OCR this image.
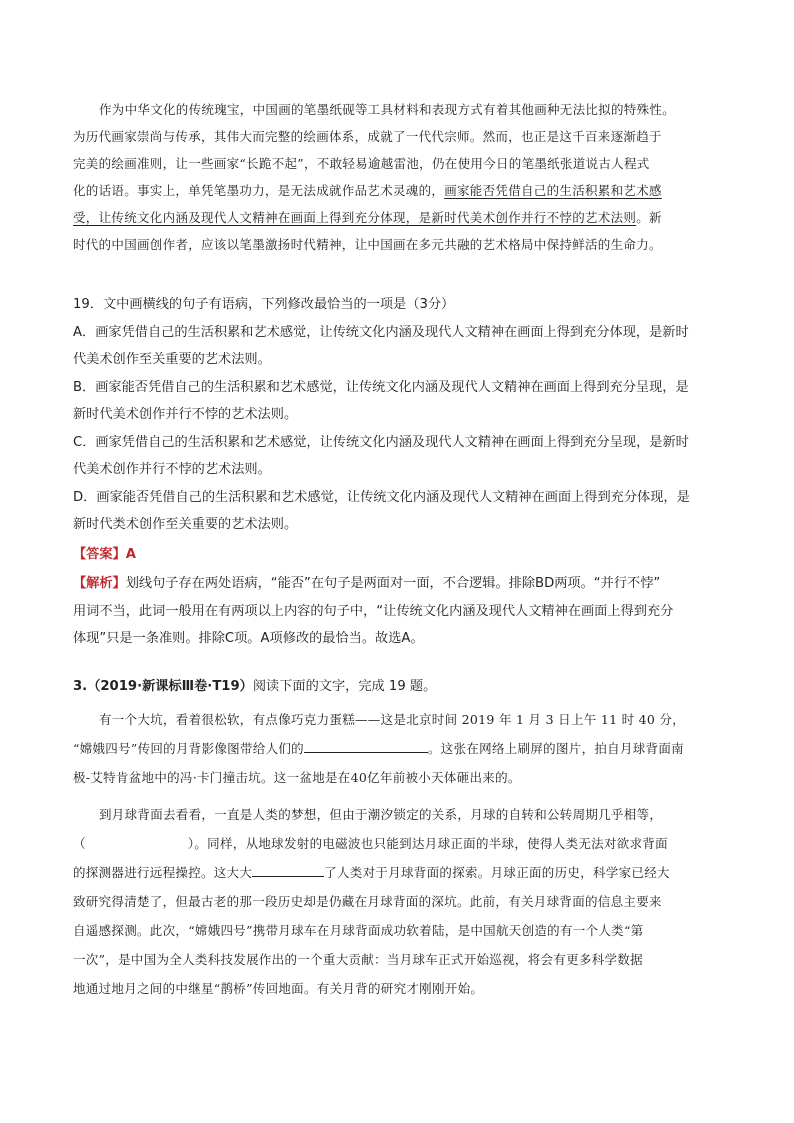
作为中华文化的传统瑰宝，中国画的笔墨纸砚等工具材料和表现方式有着其他画种无法比拟的特殊性。
为历代画家崇尚与传承，其伟大而完整的绘画体系，成就了一代代宗师。然而，也正是这千百来逐渐趋于
完美的绘画准则，让一些画家“长跪不起”，不敢轻易逾越雷池，仍在使用今日的笔墨纸张道说古人程式
化的话语。事实上，单凭笔墨功力，是无法成就作品艺术灵魂的，画家能否凭借自己的生活积累和艺术感
受，让传统文化内涵及现代人文精神在画面上得到充分体现，是新时代美术创作并行不悖的艺术法则。新
时代的中国画创作者，应该以笔墨激扬时代精神，让中国画在多元共融的艺术格局中保持鲜活的生命力。
19．文中画横线的句子有语病，下列修改最恰当的一项是（3分）
A．画家凭借自己的生活积累和艺术感觉，让传统文化内涵及现代人文精神在画面上得到充分体现，是新时
代美术创作至关重要的艺术法则。
B．画家能否凭借自己的生活积累和艺术感觉，让传统文化内涵及现代人文精神在画面上得到充分呈现，是
新时代美术创作并行不悖的艺术法则。
C．画家凭借自己的生活积累和艺术感觉，让传统文化内涵及现代人文精神在画面上得到充分呈现，是新时
代美术创作并行不悖的艺术法则。
D．画家能否凭借自己的生活积累和艺术感觉，让传统文化内涵及现代人文精神在画面上得到充分体现，是
新时代类术创作至关重要的艺术法则。
【答案】A
【解析】划线句子存在两处语病，“能否”在句子是两面对一面，不合逻辑。排除BD两项。“并行不悖”
用词不当，此词一般用在有两项以上内容的句子中，“让传统文化内涵及现代人文精神在画面上得到充分
体现”只是一条准则。排除C项。A项修改的最恰当。故选A。
3.（2019·新课标Ⅲ卷·T19）阅读下面的文字，完成 19 题。
有一个大坑，看着很松软，有点像巧克力蛋糕——这是北京时间 2019 年 1 月 3 日上午 11 时 40 分，
“嫦娥四号”传回的月背影像图带给人们的	。这张在网络上刷屏的图片，拍自月球背面南
极-艾特肯盆地中的冯·卡门撞击坑。这一盆地是在40亿年前被小天体砸出来的。
到月球背面去看看，一直是人类的梦想，但由于潮汐锁定的关系，月球的自转和公转周期几乎相等，
（	）。同样，从地球发射的电磁波也只能到达月球正面的半球，使得人类无法对欲求背面
的探测器进行远程操控。这大大	了人类对于月球背面的探索。月球正面的历史，科学家已经大
致研究得清楚了，但最古老的那一段历史却是仍藏在月球背面的深坑。此前，有关月球背面的信息主要来
自遥感探测。此次，“嫦娥四号”携带月球车在月球背面成功软着陆，是中国航天创造的有一个人类“第
一次”，是中国为全人类科技发展作出的一个重大贡献：当月球车正式开始巡视，将会有更多科学数据
地通过地月之间的中继星“鹊桥”传回地面。有关月背的研究才刚刚开始。
